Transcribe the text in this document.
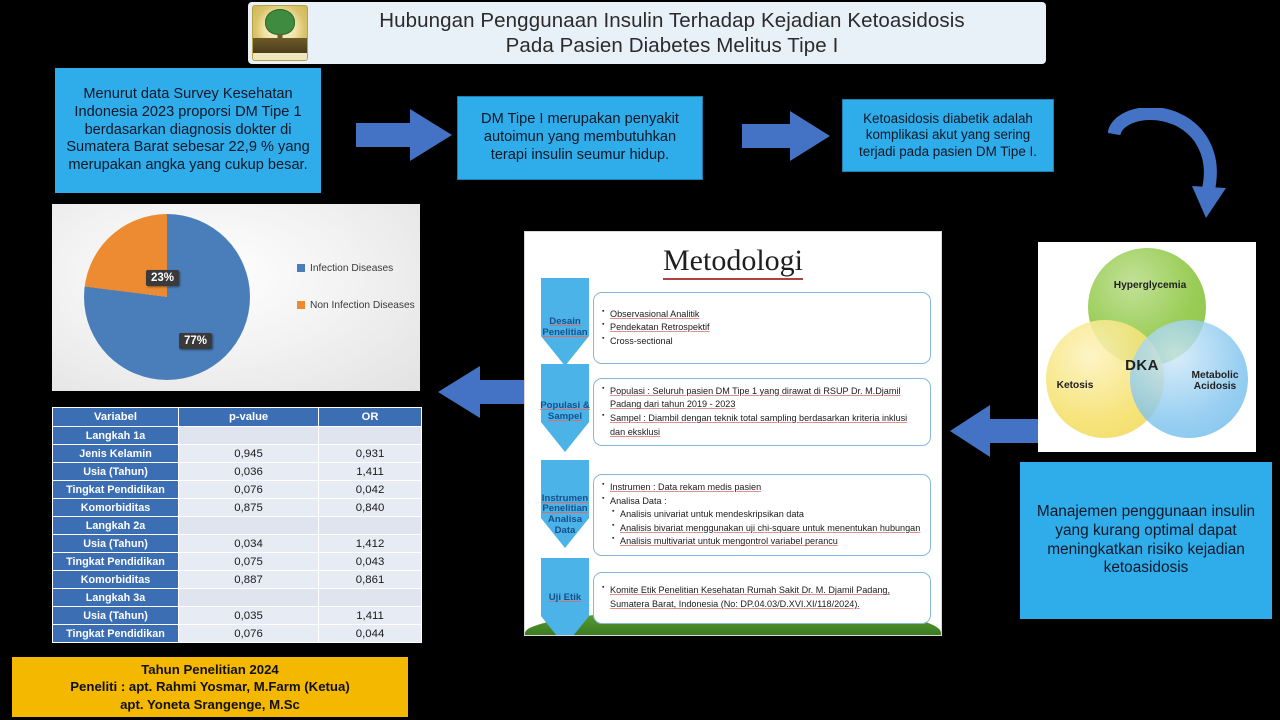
Hubungan Penggunaan Insulin Terhadap Kejadian Ketoasidosis
Pada Pasien Diabetes Melitus Tipe I
Menurut data Survey Kesehatan Indonesia 2023 proporsi DM Tipe 1 berdasarkan diagnosis dokter di Sumatera Barat sebesar 22,9 % yang merupakan angka yang cukup besar.
DM Tipe I merupakan penyakit autoimun yang membutuhkan terapi insulin seumur hidup.
Ketoasidosis diabetik adalah komplikasi akut yang sering terjadi pada pasien DM Tipe I.
Manajemen penggunaan insulin yang kurang optimal dapat meningkatkan risiko kejadian ketoasidosis
23%
77%
Infection Diseases
Non Infection Diseases
Variabel	p-value	OR
Langkah 1a		
Jenis Kelamin	0,945	0,931
Usia (Tahun)	0,036	1,411
Tingkat Pendidikan	0,076	0,042
Komorbiditas	0,875	0,840
Langkah 2a		
Usia (Tahun)	0,034	1,412
Tingkat Pendidikan	0,075	0,043
Komorbiditas	0,887	0,861
Langkah 3a		
Usia (Tahun)	0,035	1,411
Tingkat Pendidikan	0,076	0,044
Metodologi
Desain
Penelitian
▪ Observasional Analitik
▪ Pendekatan Retrospektif
▪ Cross-sectional
Populasi &
Sampel
▪ Populasi : Seluruh pasien DM Tipe 1 yang dirawat di RSUP Dr. M.Djamil Padang dari tahun 2019 - 2023
▪ Sampel : Diambil dengan teknik total sampling berdasarkan kriteria inklusi dan eksklusi
Instrumen
Penelitian
Analisa Data
▪ Instrumen : Data rekam medis pasien
▪ Analisa Data :
▪ Analisis univariat untuk mendeskripsikan data
▪ Analisis bivariat menggunakan uji chi-square untuk menentukan hubungan
▪ Analisis multivariat untuk mengontrol variabel perancu
Uji Etik
▪ Komite Etik Penelitian Kesehatan Rumah Sakit Dr. M. Djamil Padang, Sumatera Barat, Indonesia (No: DP.04.03/D.XVI.XI/118/2024).
Hyperglycemia
Ketosis
Metabolic
Acidosis
DKA
Tahun Penelitian 2024
Peneliti : apt. Rahmi Yosmar, M.Farm (Ketua)
apt. Yoneta Srangenge, M.Sc
